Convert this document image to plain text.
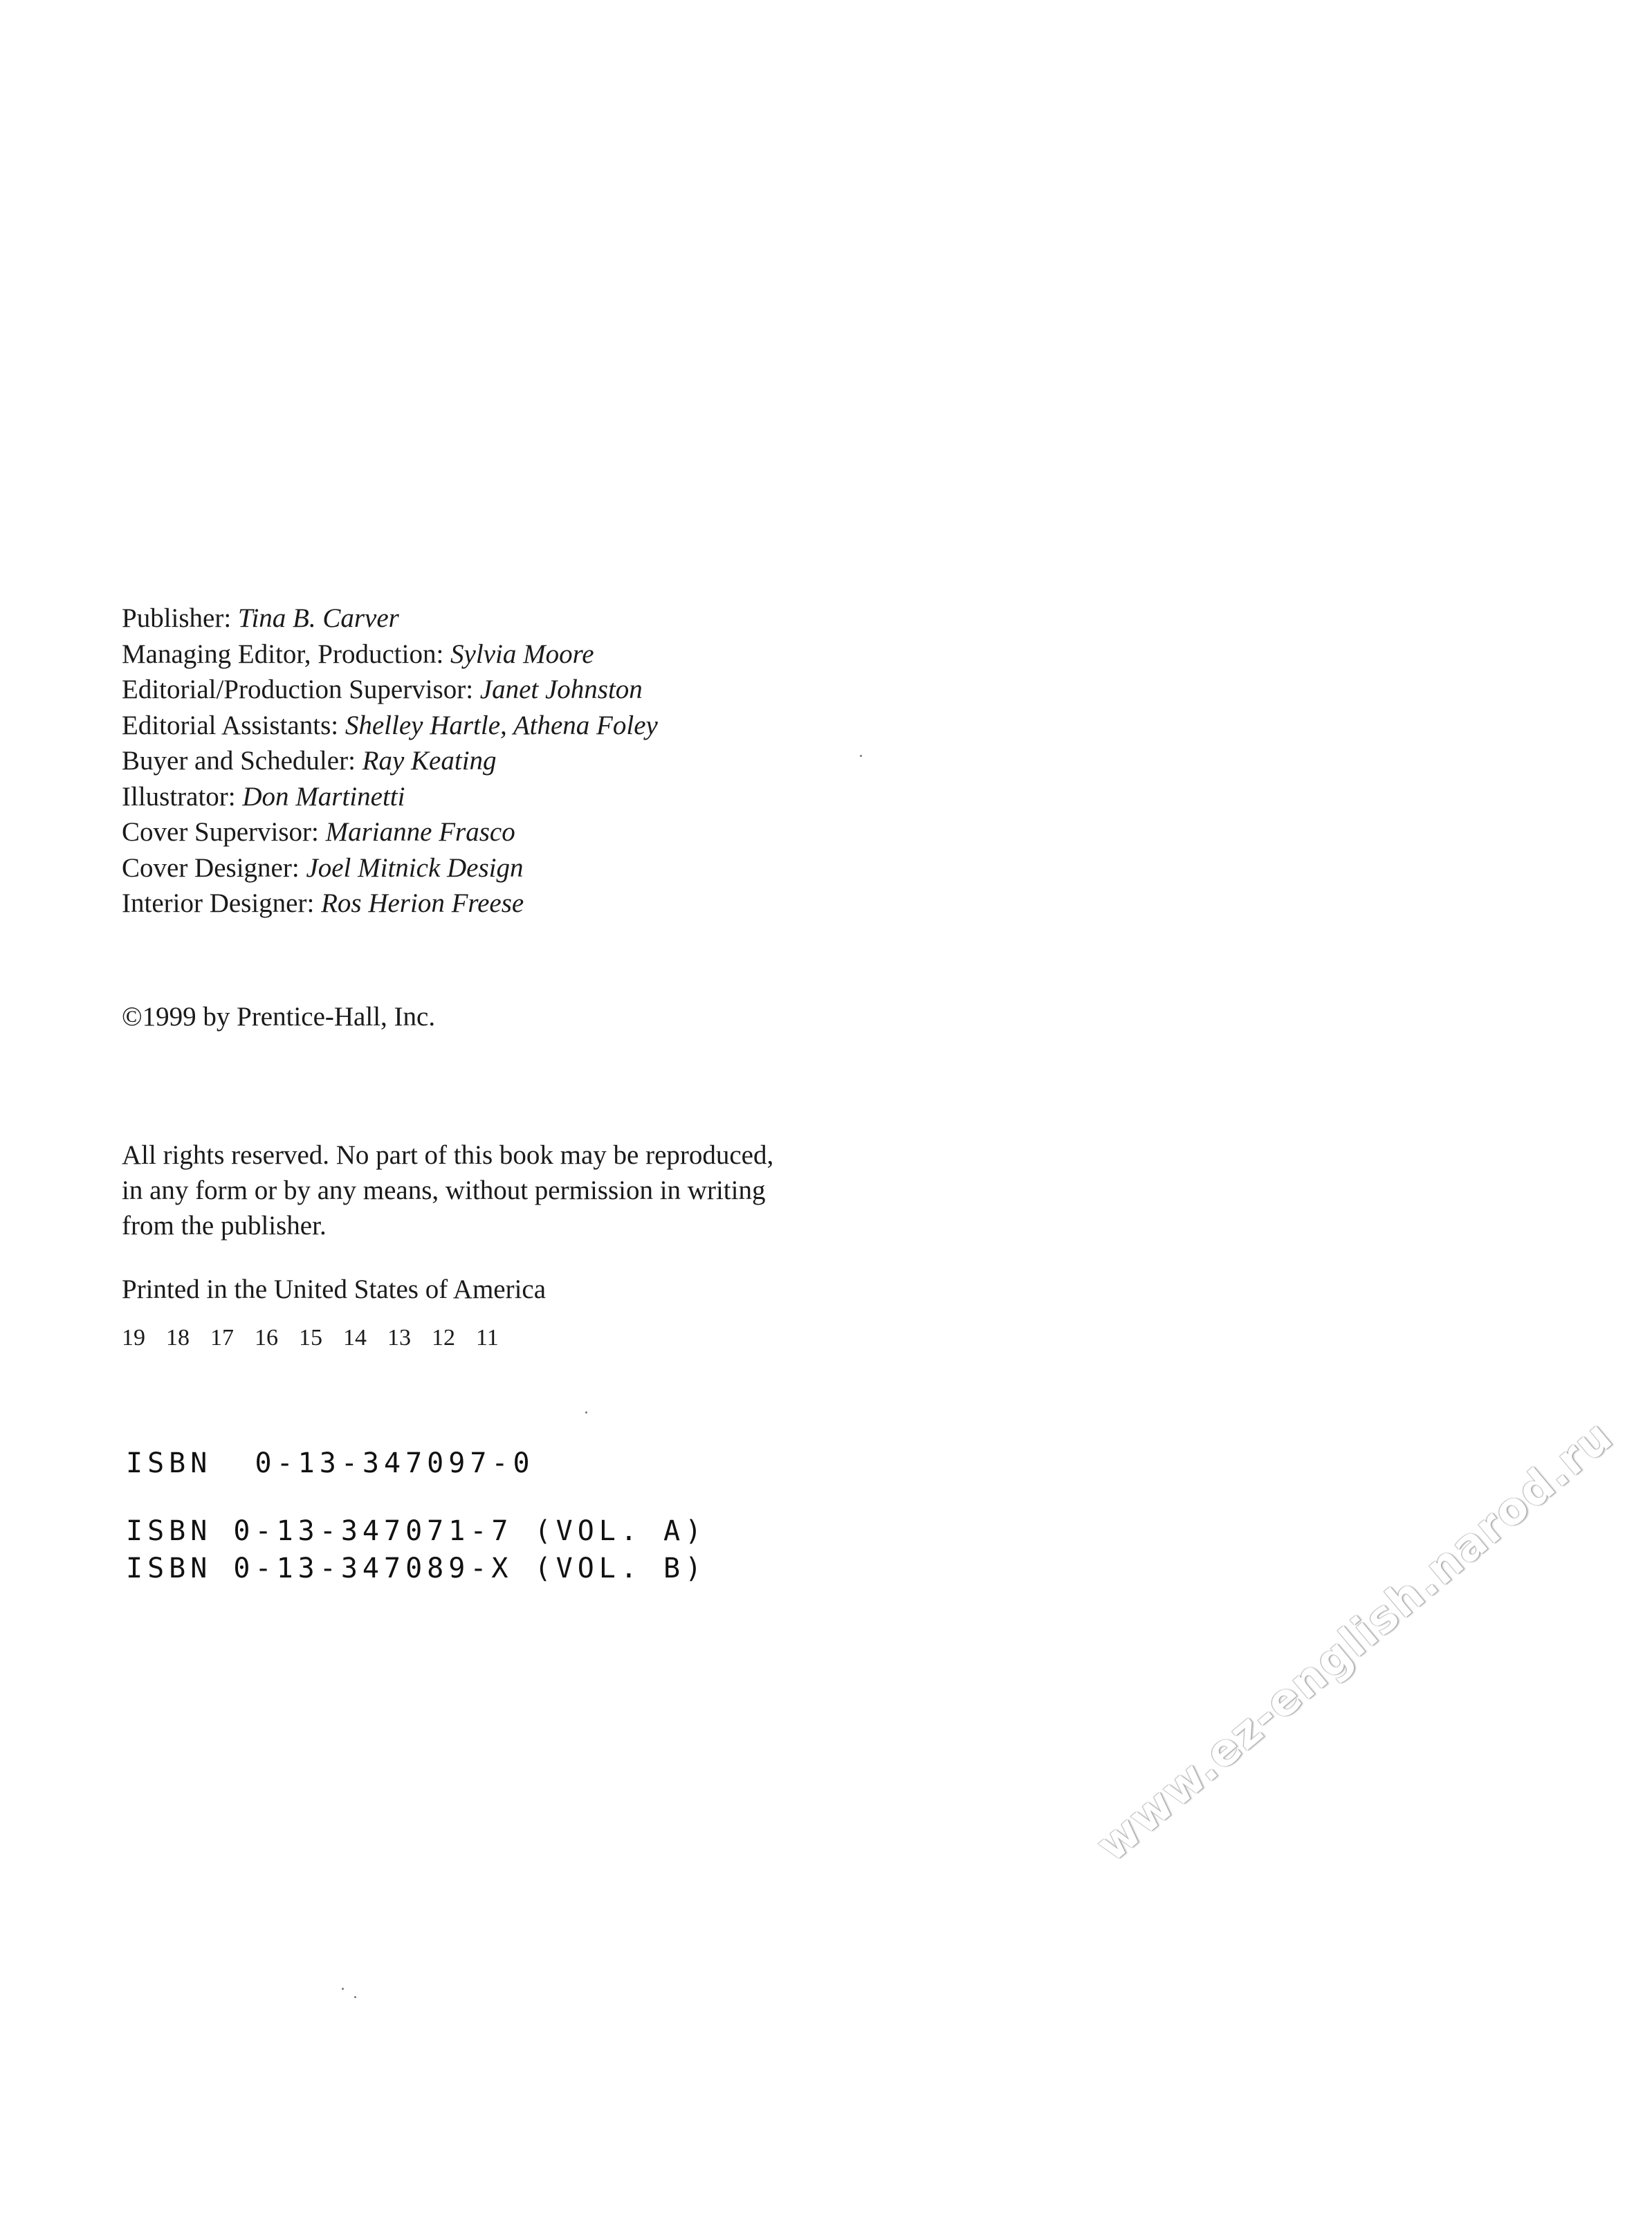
Publisher: Tina B. Carver
Managing Editor, Production: Sylvia Moore
Editorial/Production Supervisor: Janet Johnston
Editorial Assistants: Shelley Hartle, Athena Foley
Buyer and Scheduler: Ray Keating
Illustrator: Don Martinetti
Cover Supervisor: Marianne Frasco
Cover Designer: Joel Mitnick Design
Interior Designer: Ros Herion Freese

©1999 by Prentice-Hall, Inc.

All rights reserved. No part of this book may be reproduced,
in any form or by any means, without permission in writing
from the publisher.

Printed in the United States of America

19 18 17 16 15 14 13 12 11

ISBN  0-13-347097-0

ISBN 0-13-347071-7 (VOL. A)

ISBN 0-13-347089-X (VOL. B)	www.ez-english.narod.ru
